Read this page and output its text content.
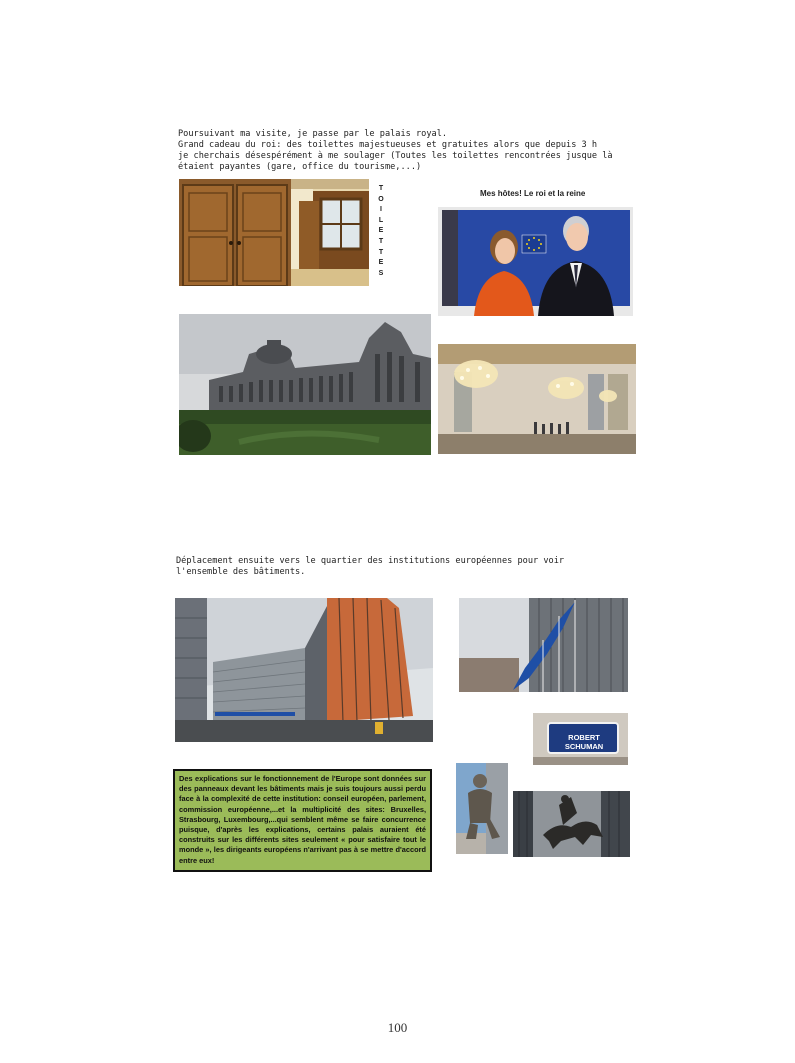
Poursuivant ma visite, je passe par le palais royal.
Grand cadeau du roi: des toilettes majestueuses et gratuites alors que depuis 3 h
je cherchais désespérément à me soulager (Toutes les toilettes rencontrées jusque là
étaient payantes (gare, office du tourisme,...)
T
O
I
L
E
T
T
E
S
Mes hôtes! Le roi et la reine
Déplacement ensuite vers le quartier des institutions européennes pour voir
l'ensemble des bâtiments.
ROBERT SCHUMAN
Des explications sur le fonctionnement de l'Europe sont données sur des panneaux devant les bâtiments mais je suis toujours aussi perdu face à la complexité de cette institution: conseil européen, parlement, commission européenne,...et la multiplicité des sites: Bruxelles, Strasbourg, Luxembourg,...qui semblent même se faire concurrence puisque, d'après les explications, certains palais auraient été construits sur les différents sites seulement « pour satisfaire tout le monde », les dirigeants européens n'arrivant pas à se mettre d'accord entre eux!
100
